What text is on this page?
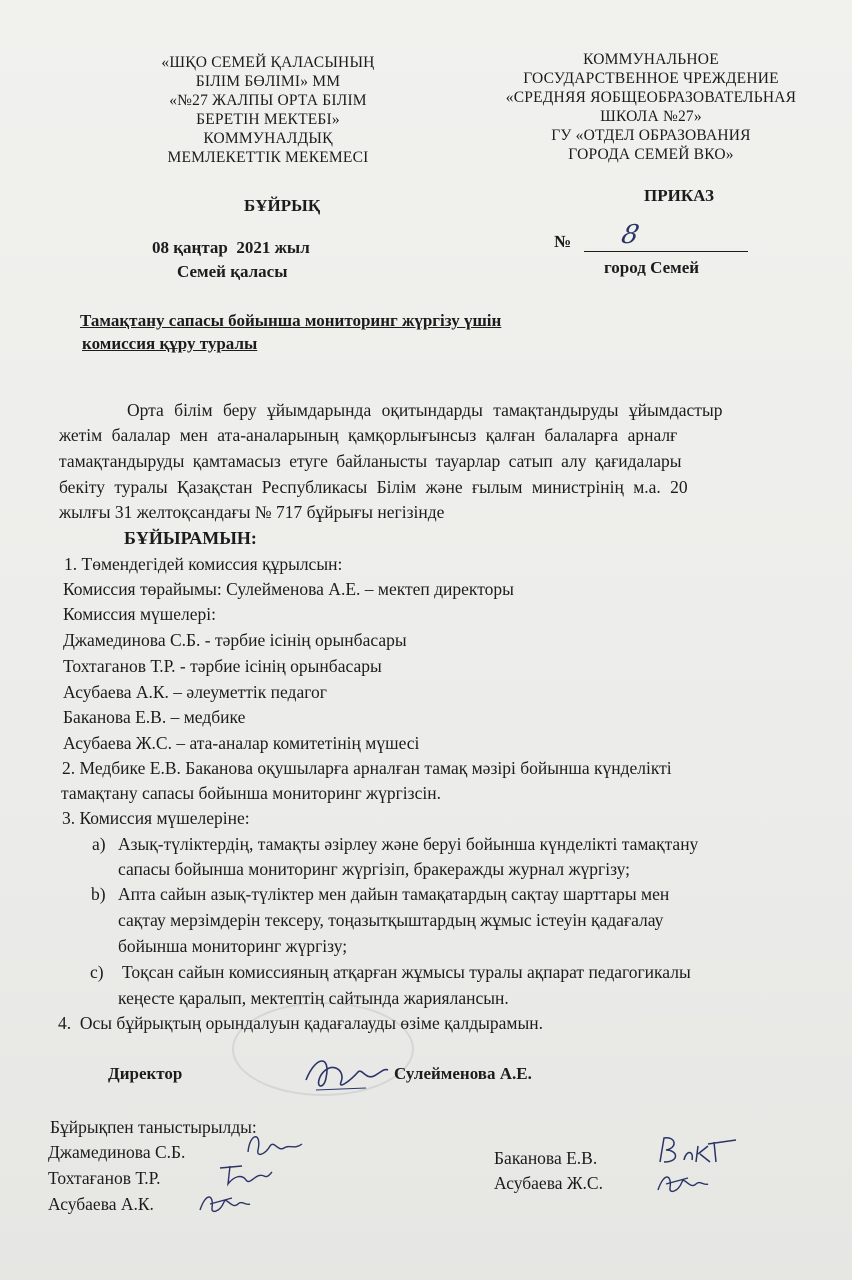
«ШҚО СЕМЕЙ ҚАЛАСЫНЫҢ
БІЛІМ БӨЛІМІ» ММ
«№27 ЖАЛПЫ ОРТА БІЛІМ
БЕРЕТІН МЕКТЕБІ»
КОММУНАЛДЫҚ
МЕМЛЕКЕТТІК МЕКЕМЕСІ
КОММУНАЛЬНОЕ
ГОСУДАРСТВЕННОЕ ЧРЕЖДЕНИЕ
«СРЕДНЯЯ ЯОБЩЕОБРАЗОВАТЕЛЬНАЯ
ШКОЛА №27»
ГУ «ОТДЕЛ ОБРАЗОВАНИЯ
ГОРОДА СЕМЕЙ ВКО»
БҰЙРЫҚ
ПРИКАЗ
08 қаңтар  2021 жыл
Семей қаласы
№ 8
город Семей
Тамақтану сапасы бойынша мониторинг жүргізу үшін
комиссия құру туралы
Орта білім беру ұйымдарында оқитындарды тамақтандыруды ұйымдастыр
жетім балалар мен ата-аналарының қамқорлығынсыз қалған балаларға арналғ
тамақтандыруды қамтамасыз етуге байланысты тауарлар сатып алу қағидалары
бекіту туралы Қазақстан Республикасы Білім және ғылым министрінің м.а. 20
жылғы 31 желтоқсандағы № 717 бұйрығы негізінде
БҰЙЫРАМЫН:
1. Төмендегідей комиссия құрылсын:
Комиссия төрайымы: Сулейменова А.Е. – мектеп директоры
Комиссия мүшелері:
Джамединова С.Б. - тәрбие ісінің орынбасары
Тохтаганов Т.Р. - тәрбие ісінің орынбасары
Асубаева А.К. – әлеуметтік педагог
Баканова Е.В. – медбике
Асубаева Ж.С. – ата-аналар комитетінің мүшесі
2. Медбике Е.В. Баканова оқушыларға арналған тамақ мәзірі бойынша күнделікті
тамақтану сапасы бойынша мониторинг жүргізсін.
3. Комиссия мүшелеріне:
a) Азық-түліктердің, тамақты әзірлеу және беруі бойынша күнделікті тамақтану
сапасы бойынша мониторинг жүргізіп, бракеражды журнал жүргізу;
b) Апта сайын азық-түліктер мен дайын тамақатардың сақтау шарттары мен
сақтау мерзімдерін тексеру, тоңазытқыштардың жұмыс істеуін қадағалау
бойынша мониторинг жүргізу;
c) Тоқсан сайын комиссияның атқарған жұмысы туралы ақпарат педагогикалы
кеңесте қаралып, мектептің сайтында жариялансын.
4.  Осы бұйрықтың орындалуын қадағалауды өзіме қалдырамын.
Директор	Сулейменова А.Е.
Бұйрықпен таныстырылды:
Джамединова С.Б.
Тохтағанов Т.Р.
Асубаева А.К.
Баканова Е.В.
Асубаева Ж.С.
